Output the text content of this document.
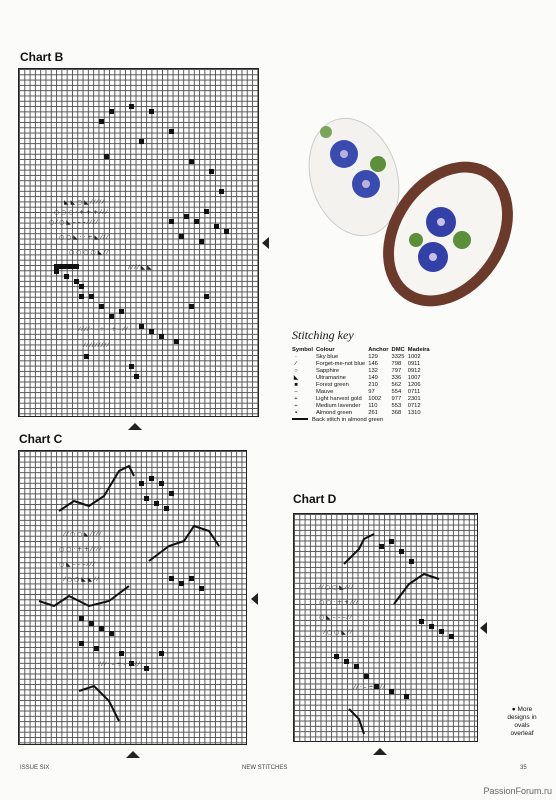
Chart B
◣ ◣ ○ ◣ ⁄ ⁄ ⁄ ⁄ ⁄
○ ○ ○ · + + + ⁄ ⁄ ⁄
○ ⁄ ○ ◣ – – – ⁄ ⁄ ⁄ ⁄
○ ○ ◣ · · + ◣ ⁄ ⁄ ⁄
○ ○ ○ ○ ◣ ⁄ ⁄
⁄ ⁄ ⁄ ⁄ ◣ ◣
⁄ ⁄ ⁄ ⁄ · – ÷ – ÷ – ⁄ ⁄
⁄ ⁄ ⁄ ⁄ ⁄ ⁄ ⁄ ⁄ ⁄
Stitching key
Symbol	Colour	Anchor	DMC	Madeira
·	Sky blue	129	3325	1002
⁄	Forget-me-not blue	146	798	0911
○	Sapphire	132	797	0912
◣	Ultramarine	149	336	1007
■	Forest green	210	562	1206
–	Mauve	97	554	0711
+	Light harvest gold	1002	977	2301
÷	Medium lavender	110	553	0712
▪	Almond green	261	368	1310
Back stitch in almond green				
Chart C
⁄ ⁄ ○ ○ ◣ ⁄ ⁄ ⁄ ⁄
○ ○ · + + ⁄ ⁄ ⁄ ⁄
○ ◣ – – – ⁄ ⁄ ⁄
⁄ ○ ○ ◣ ◣ ⁄ ⁄
⁄ ⁄ ⁄ · – ÷ – ÷ ⁄ ⁄
Chart D
⁄ ⁄ ○ ○ ◣ ⁄ ⁄ ⁄
○ ○ · + + ⁄ ⁄ ⁄
○ ◣ – – – ⁄ ⁄
⁄ ○ ○ ◣ ⁄ ⁄
⁄ ⁄ · – ÷ – ⁄ ⁄
● More
designs in
ovals
overleaf
ISSUE SIX	NEW STITCHES	35
PassionForum.ru
